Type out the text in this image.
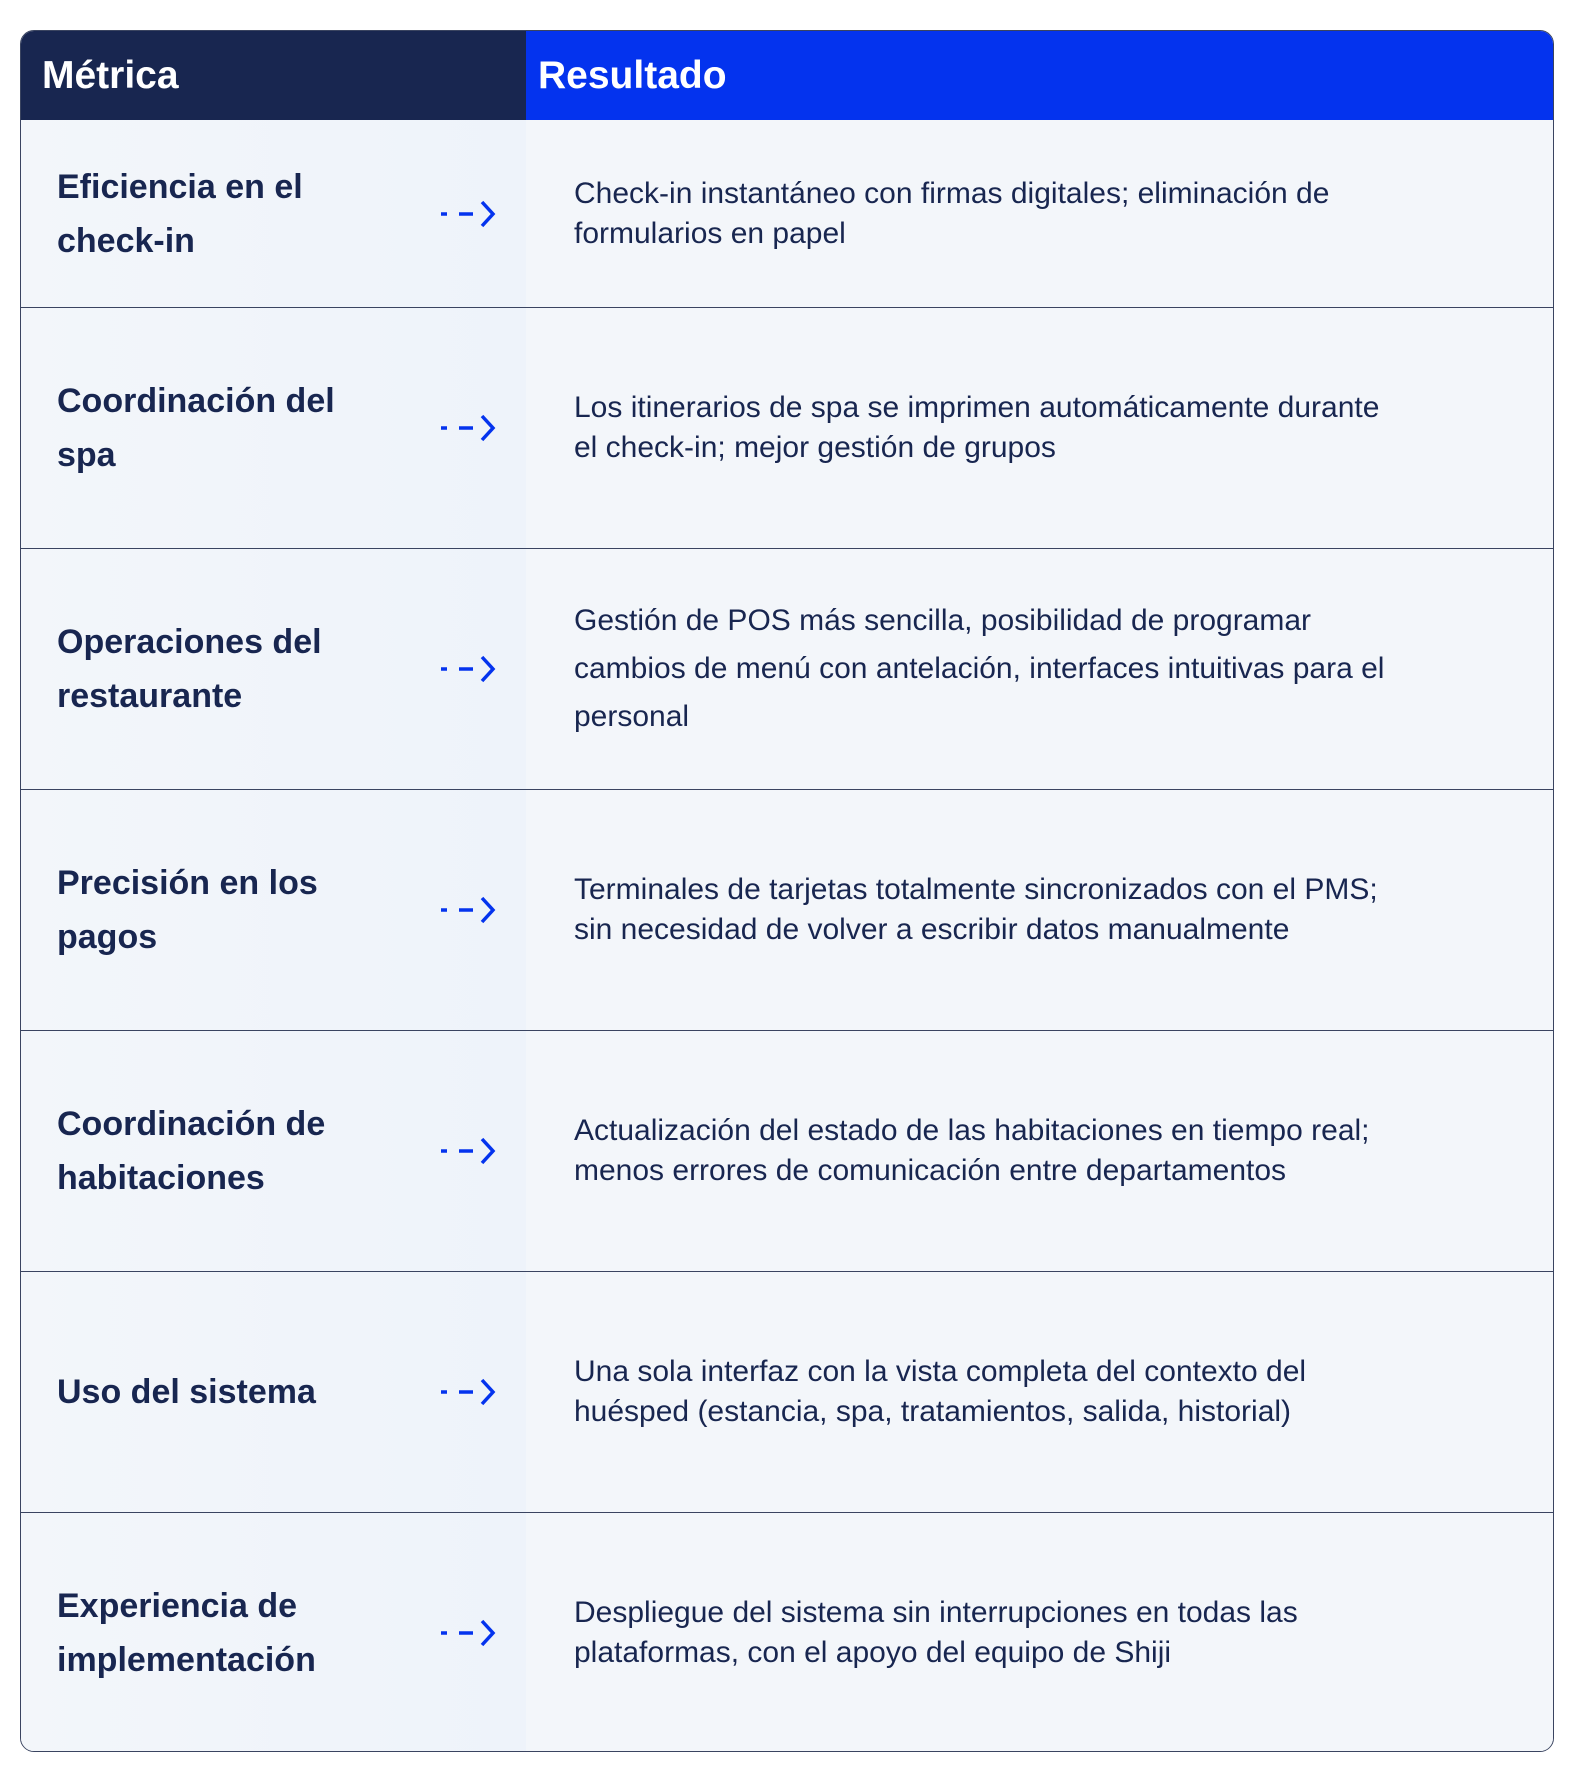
Métrica	Resultado
Eficiencia en el check-in
Check-in instantáneo con firmas digitales; eliminación de formularios en papel
Coordinación del spa
Los itinerarios de spa se imprimen automáticamente durante el check-in; mejor gestión de grupos
Operaciones del restaurante
Gestión de POS más sencilla, posibilidad de programar cambios de menú con antelación, interfaces intuitivas para el personal
Precisión en los pagos
Terminales de tarjetas totalmente sincronizados con el PMS; sin necesidad de volver a escribir datos manualmente
Coordinación de habitaciones
Actualización del estado de las habitaciones en tiempo real; menos errores de comunicación entre departamentos
Uso del sistema
Una sola interfaz con la vista completa del contexto del huésped (estancia, spa, tratamientos, salida, historial)
Experiencia de implementación
Despliegue del sistema sin interrupciones en todas las plataformas, con el apoyo del equipo de Shiji
